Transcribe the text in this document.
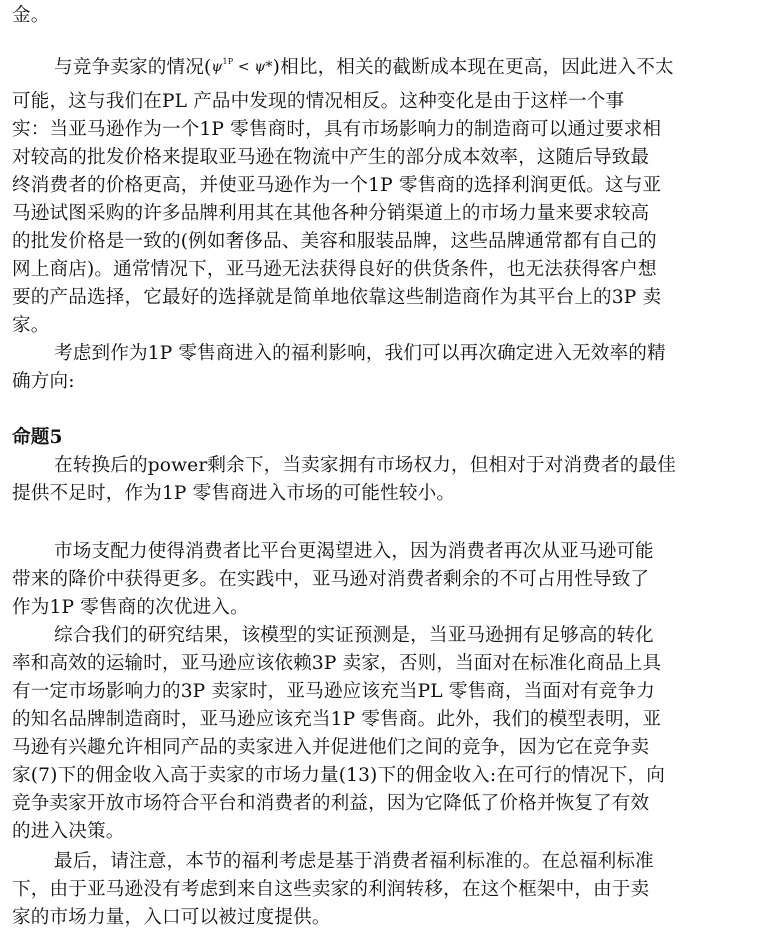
金。
与竞争卖家的情况$(\psi^{1P} < \psi*)$相比，相关的截断成本现在更高，因此进入不太
可能，这与我们在PL 产品中发现的情况相反。这种变化是由于这样一个事
实：当亚马逊作为一个1P 零售商时，具有市场影响力的制造商可以通过要求相
对较高的批发价格来提取亚马逊在物流中产生的部分成本效率，这随后导致最
终消费者的价格更高，并使亚马逊作为一个1P 零售商的选择利润更低。这与亚
马逊试图采购的许多品牌利用其在其他各种分销渠道上的市场力量来要求较高
的批发价格是一致的(例如奢侈品、美容和服装品牌，这些品牌通常都有自己的
网上商店)。通常情况下，亚马逊无法获得良好的供货条件，也无法获得客户想
要的产品选择，它最好的选择就是简单地依靠这些制造商作为其平台上的3P 卖
家。
考虑到作为1P 零售商进入的福利影响，我们可以再次确定进入无效率的精
确方向:
命题5
在转换后的power剩余下，当卖家拥有市场权力，但相对于对消费者的最佳
提供不足时，作为1P 零售商进入市场的可能性较小。
市场支配力使得消费者比平台更渴望进入，因为消费者再次从亚马逊可能
带来的降价中获得更多。在实践中，亚马逊对消费者剩余的不可占用性导致了
作为1P 零售商的次优进入。
综合我们的研究结果，该模型的实证预测是，当亚马逊拥有足够高的转化
率和高效的运输时，亚马逊应该依赖3P 卖家，否则，当面对在标准化商品上具
有一定市场影响力的3P 卖家时，亚马逊应该充当PL 零售商，当面对有竞争力
的知名品牌制造商时，亚马逊应该充当1P 零售商。此外，我们的模型表明，亚
马逊有兴趣允许相同产品的卖家进入并促进他们之间的竞争，因为它在竞争卖
家(7)下的佣金收入高于卖家的市场力量(13)下的佣金收入:在可行的情况下，向
竞争卖家开放市场符合平台和消费者的利益，因为它降低了价格并恢复了有效
的进入决策。
最后，请注意，本节的福利考虑是基于消费者福利标准的。在总福利标准
下，由于亚马逊没有考虑到来自这些卖家的利润转移，在这个框架中，由于卖
家的市场力量，入口可以被过度提供。
